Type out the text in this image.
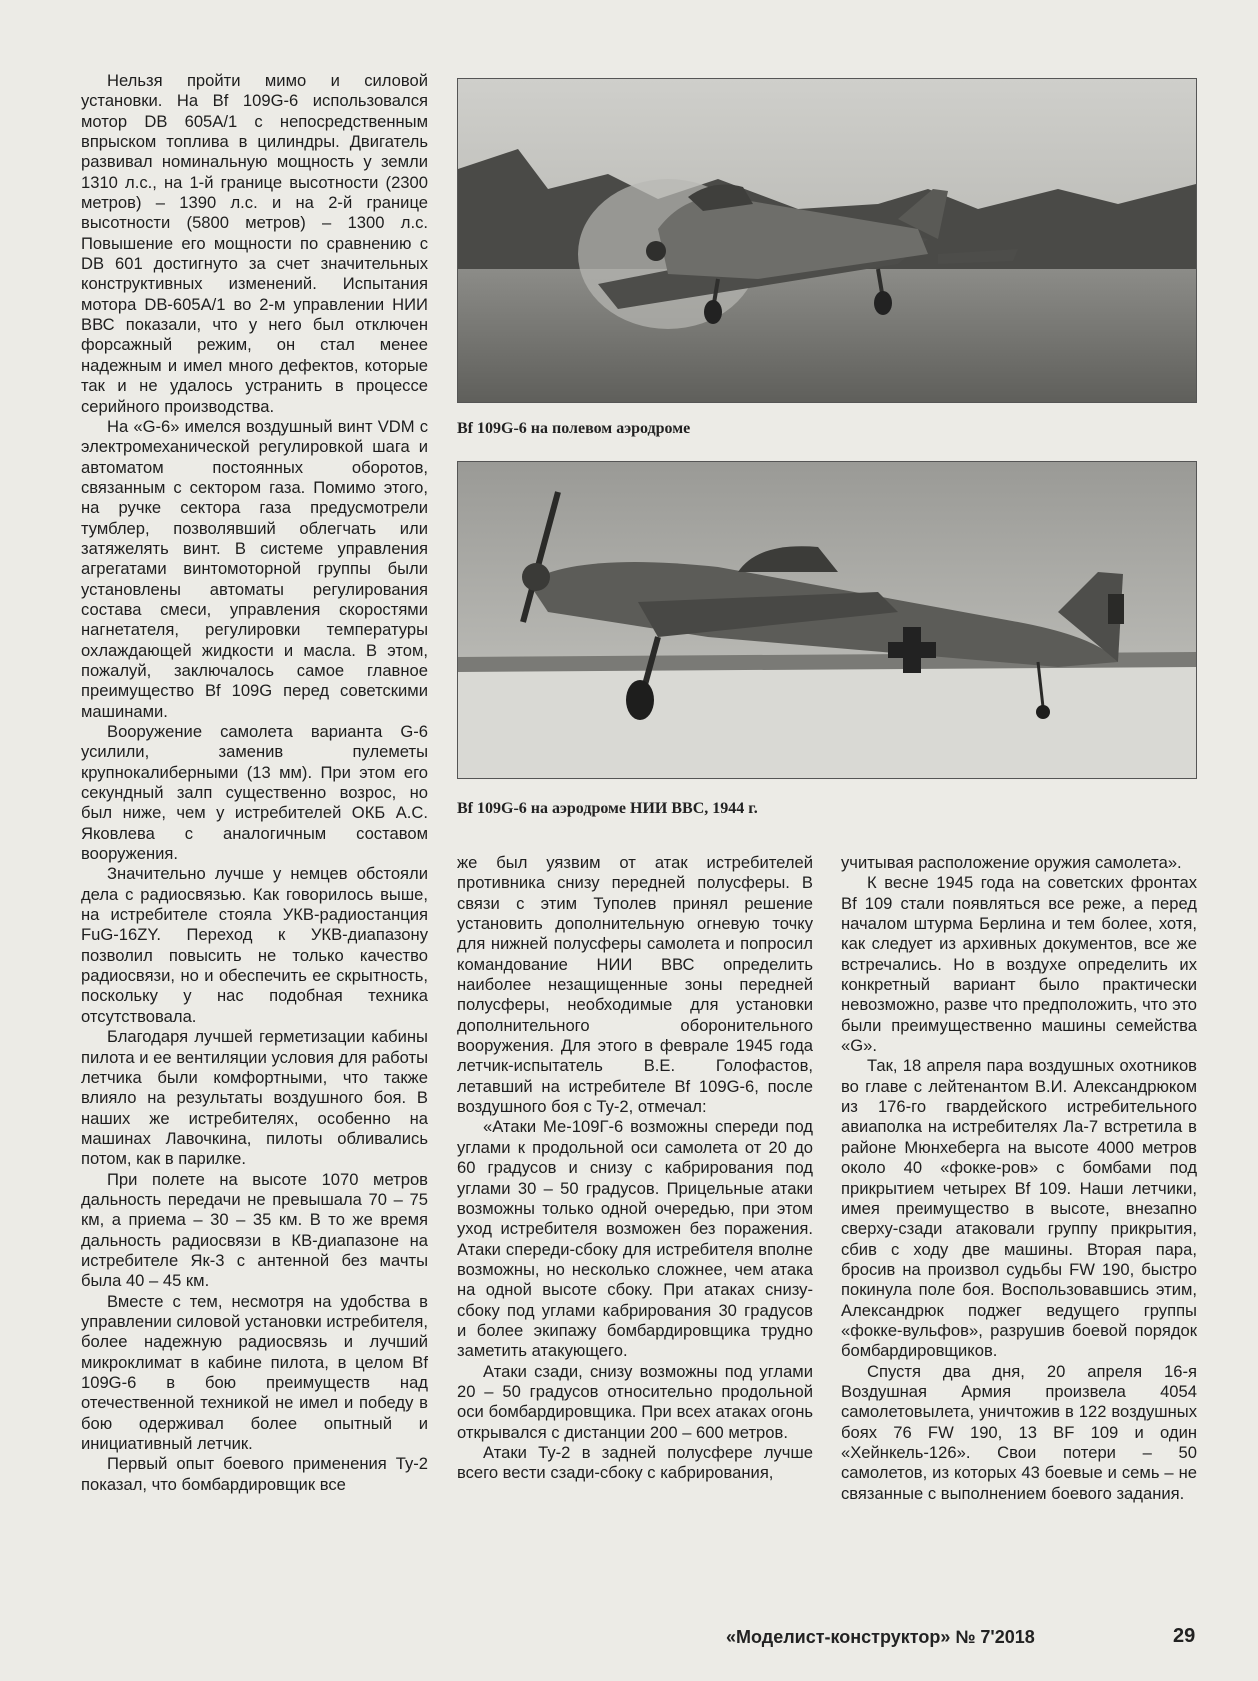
Нельзя пройти мимо и силовой установки. На Bf 109G-6 использовался мотор DB 605A/1 с непосредственным впрыском топлива в цилиндры. Двигатель развивал номинальную мощность у земли 1310 л.с., на 1-й границе высотности (2300 метров) – 1390 л.с. и на 2-й границе высотности (5800 метров) – 1300 л.с. Повышение его мощности по сравнению с DB 601 достигнуто за счет значительных конструктивных изменений. Испытания мотора DB-605A/1 во 2-м управлении НИИ ВВС показали, что у него был отключен форсажный режим, он стал менее надежным и имел много дефектов, которые так и не удалось устранить в процессе серийного производства.

На «G-6» имелся воздушный винт VDM с электромеханической регулировкой шага и автоматом постоянных оборотов, связанным с сектором газа. Помимо этого, на ручке сектора газа предусмотрели тумблер, позволявший облегчать или затяжелять винт. В системе управления агрегатами винтомоторной группы были установлены автоматы регулирования состава смеси, управления скоростями нагнетателя, регулировки температуры охлаждающей жидкости и масла. В этом, пожалуй, заключалось самое главное преимущество Bf 109G перед советскими машинами.

Вооружение самолета варианта G-6 усилили, заменив пулеметы крупнокалиберными (13 мм). При этом его секундный залп существенно возрос, но был ниже, чем у истребителей ОКБ А.С. Яковлева с аналогичным составом вооружения.

Значительно лучше у немцев обстояли дела с радиосвязью. Как говорилось выше, на истребителе стояла УКВ-радиостанция FuG-16ZY. Переход к УКВ-диапазону позволил повысить не только качество радиосвязи, но и обеспечить ее скрытность, поскольку у нас подобная техника отсутствовала.

Благодаря лучшей герметизации кабины пилота и ее вентиляции условия для работы летчика были комфортными, что также влияло на результаты воздушного боя. В наших же истребителях, особенно на машинах Лавочкина, пилоты обливались потом, как в парилке.

При полете на высоте 1070 метров дальность передачи не превышала 70 – 75 км, а приема – 30 – 35 км. В то же время дальность радиосвязи в КВ-диапазоне на истребителе Як-3 с антенной без мачты была 40 – 45 км.

Вместе с тем, несмотря на удобства в управлении силовой установки истребителя, более надежную радиосвязь и лучший микроклимат в кабине пилота, в целом Bf 109G-6 в бою преимуществ над отечественной техникой не имел и победу в бою одерживал более опытный и инициативный летчик.

Первый опыт боевого применения Ту-2 показал, что бомбардировщик все

Bf 109G-6 на полевом аэродроме
Bf 109G-6 на аэродроме НИИ ВВС, 1944 г.

же был уязвим от атак истребителей противника снизу передней полусферы. В связи с этим Туполев принял решение установить дополнительную огневую точку для нижней полусферы самолета и попросил командование НИИ ВВС определить наиболее незащищенные зоны передней полусферы, необходимые для установки дополнительного оборонительного вооружения. Для этого в феврале 1945 года летчик-испытатель В.Е. Голофастов, летавший на истребителе Bf 109G-6, после воздушного боя с Ту-2, отмечал:

«Атаки Ме-109Г-6 возможны спереди под углами к продольной оси самолета от 20 до 60 градусов и снизу с кабрирования под углами 30 – 50 градусов. Прицельные атаки возможны только одной очередью, при этом уход истребителя возможен без поражения. Атаки спереди-сбоку для истребителя вполне возможны, но несколько сложнее, чем атака на одной высоте сбоку. При атаках снизу-сбоку под углами кабрирования 30 градусов и более экипажу бомбардировщика трудно заметить атакующего.

Атаки сзади, снизу возможны под углами 20 – 50 градусов относительно продольной оси бомбардировщика. При всех атаках огонь открывался с дистанции 200 – 600 метров.

Атаки Ту-2 в задней полусфере лучше всего вести сзади-сбоку с кабрирования,

учитывая расположение оружия самолета».

К весне 1945 года на советских фронтах Bf 109 стали появляться все реже, а перед началом штурма Берлина и тем более, хотя, как следует из архивных документов, все же встречались. Но в воздухе определить их конкретный вариант было практически невозможно, разве что предположить, что это были преимущественно машины семейства «G».

Так, 18 апреля пара воздушных охотников во главе с лейтенантом В.И. Александрюком из 176-го гвардейского истребительного авиаполка на истребителях Ла-7 встретила в районе Мюнхеберга на высоте 4000 метров около 40 «фокке-ров» с бомбами под прикрытием четырех Bf 109. Наши летчики, имея преимущество в высоте, внезапно сверху-сзади атаковали группу прикрытия, сбив с ходу две машины. Вторая пара, бросив на произвол судьбы FW 190, быстро покинула поле боя. Воспользовавшись этим, Александрюк поджег ведущего группы «фокке-вульфов», разрушив боевой порядок бомбардировщиков.

Спустя два дня, 20 апреля 16-я Воздушная Армия произвела 4054 самолетовылета, уничтожив в 122 воздушных боях 76 FW 190, 13 BF 109 и один «Хейнкель-126». Свои потери – 50 самолетов, из которых 43 боевые и семь – не связанные с выполнением боевого задания.

«Моделист-конструктор» № 7'2018	29
